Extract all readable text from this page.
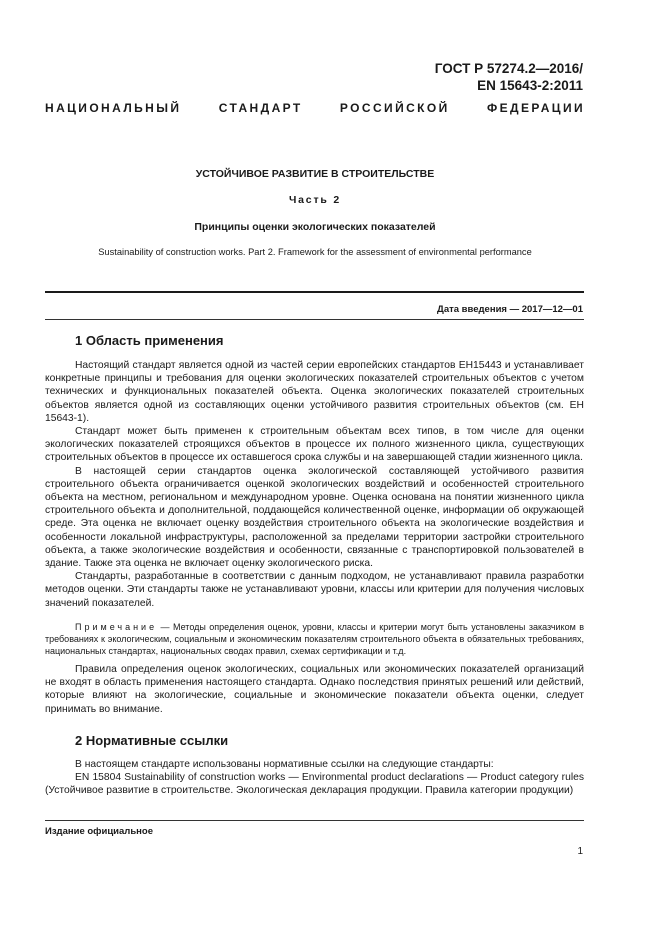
ГОСТ Р 57274.2—2016/
EN 15643-2:2011
НАЦИОНАЛЬНЫЙ СТАНДАРТ РОССИЙСКОЙ ФЕДЕРАЦИИ
УСТОЙЧИВОЕ РАЗВИТИЕ В СТРОИТЕЛЬСТВЕ
Часть 2
Принципы оценки экологических показателей
Sustainability of construction works. Part 2. Framework for the assessment of environmental performance
Дата введения — 2017—12—01
1 Область применения

Настоящий стандарт является одной из частей серии европейских стандартов ЕН15443 и устанавливает конкретные принципы и требования для оценки экологических показателей строительных объектов с учетом технических и функциональных показателей объекта. Оценка экологических показателей строительных объектов является одной из составляющих оценки устойчивого развития строительных объектов (см. ЕН 15643-1).

Стандарт может быть применен к строительным объектам всех типов, в том числе для оценки экологических показателей строящихся объектов в процессе их полного жизненного цикла, существующих строительных объектов в процессе их оставшегося срока службы и на завершающей стадии жизненного цикла.

В настоящей серии стандартов оценка экологической составляющей устойчивого развития строительного объекта ограничивается оценкой экологических воздействий и особенностей строительного объекта на местном, региональном и международном уровне. Оценка основана на понятии жизненного цикла строительного объекта и дополнительной, поддающейся количественной оценке, информации об окружающей среде. Эта оценка не включает оценку воздействия строительного объекта на экологические воздействия и особенности локальной инфраструктуры, расположенной за пределами территории застройки строительного объекта, а также экологические воздействия и особенности, связанные с транспортировкой пользователей в здание. Также эта оценка не включает оценку экологического риска.

Стандарты, разработанные в соответствии с данным подходом, не устанавливают правила разработки методов оценки. Эти стандарты также не устанавливают уровни, классы или критерии для получения числовых значений показателей.

Примечание — Методы определения оценок, уровни, классы и критерии могут быть установлены заказчиком в требованиях к экологическим, социальным и экономическим показателям строительного объекта в обязательных требованиях, национальных стандартах, национальных сводах правил, схемах сертификации и т.д.

Правила определения оценок экологических, социальных или экономических показателей организаций не входят в область применения настоящего стандарта. Однако последствия принятых решений или действий, которые влияют на экологические, социальные и экономические показатели объекта оценки, следует принимать во внимание.

2 Нормативные ссылки

В настоящем стандарте использованы нормативные ссылки на следующие стандарты:

EN 15804 Sustainability of construction works — Environmental product declarations — Product category rules (Устойчивое развитие в строительстве. Экологическая декларация продукции. Правила категории продукции)

Издание официальное
1
